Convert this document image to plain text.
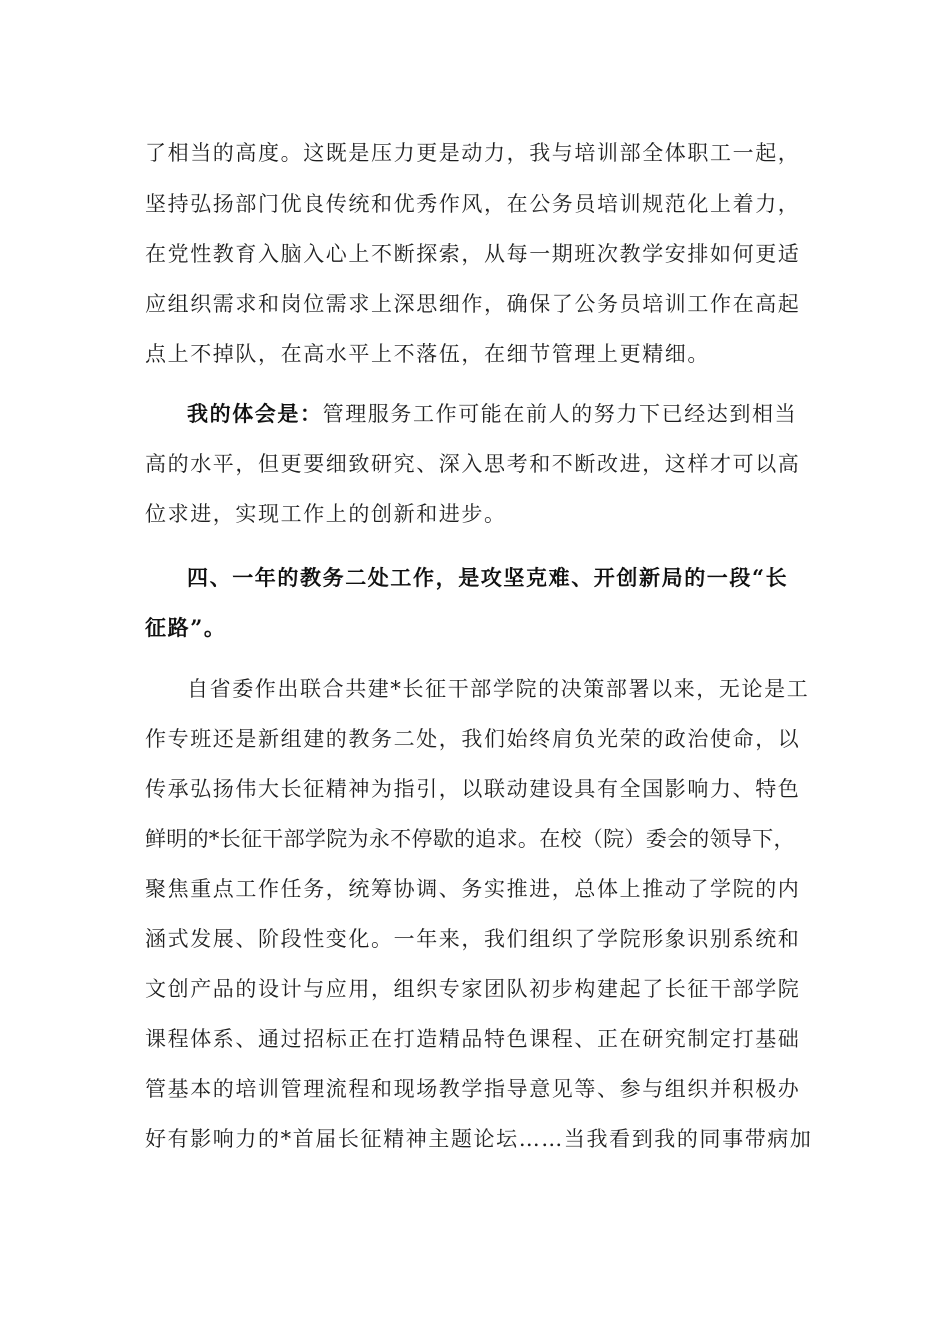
了相当的高度。这既是压力更是动力，我与培训部全体职工一起，
坚持弘扬部门优良传统和优秀作风，在公务员培训规范化上着力，
在党性教育入脑入心上不断探索，从每一期班次教学安排如何更适
应组织需求和岗位需求上深思细作，确保了公务员培训工作在高起
点上不掉队，在高水平上不落伍，在细节管理上更精细。
我的体会是：管理服务工作可能在前人的努力下已经达到相当
高的水平，但更要细致研究、深入思考和不断改进，这样才可以高
位求进，实现工作上的创新和进步。
四、一年的教务二处工作，是攻坚克难、开创新局的一段“长
征路”。
自省委作出联合共建*长征干部学院的决策部署以来，无论是工
作专班还是新组建的教务二处，我们始终肩负光荣的政治使命，以
传承弘扬伟大长征精神为指引，以联动建设具有全国影响力、特色
鲜明的*长征干部学院为永不停歇的追求。在校（院）委会的领导下，
聚焦重点工作任务，统筹协调、务实推进，总体上推动了学院的内
涵式发展、阶段性变化。一年来，我们组织了学院形象识别系统和
文创产品的设计与应用，组织专家团队初步构建起了长征干部学院
课程体系、通过招标正在打造精品特色课程、正在研究制定打基础
管基本的培训管理流程和现场教学指导意见等、参与组织并积极办
好有影响力的*首届长征精神主题论坛……当我看到我的同事带病加
